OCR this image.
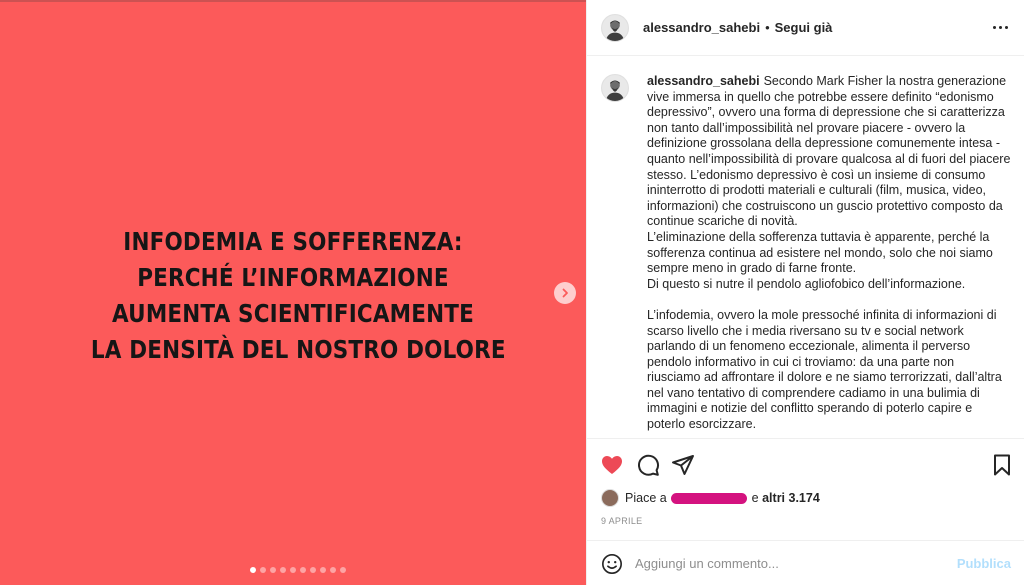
INFODEMIA E SOFFERENZA:
PERCHÉ L’INFORMAZIONE
AUMENTA SCIENTIFICAMENTE
LA DENSITÀ DEL NOSTRO DOLORE
alessandro_sahebi • Segui già

alessandro_sahebi Secondo Mark Fisher la nostra generazione vive immersa in quello che potrebbe essere definito “edonismo depressivo”, ovvero una forma di depressione che si caratterizza non tanto dall’impossibilità nel provare piacere - ovvero la definizione grossolana della depressione comunemente intesa - quanto nell’impossibilità di provare qualcosa al di fuori del piacere stesso. L’edonismo depressivo è così un insieme di consumo ininterrotto di prodotti materiali e culturali (film, musica, video, informazioni) che costruiscono un guscio protettivo composto da continue scariche di novità.

L’eliminazione della sofferenza tuttavia è apparente, perché la sofferenza continua ad esistere nel mondo, solo che noi siamo sempre meno in grado di farne fronte.

Di questo si nutre il pendolo agliofobico dell’informazione.

L’infodemia, ovvero la mole pressoché infinita di informazioni di scarso livello che i media riversano su tv e social network parlando di un fenomeno eccezionale, alimenta il perverso pendolo informativo in cui ci troviamo: da una parte non riusciamo ad affrontare il dolore e ne siamo terrorizzati, dall’altra nel vano tentativo di comprendere cadiamo in una bulimia di immagini e notizie del conflitto sperando di poterlo capire e poterlo esorcizzare.

Piace a	e altri 3.174
9 APRILE
Aggiungi un commento...
Pubblica
